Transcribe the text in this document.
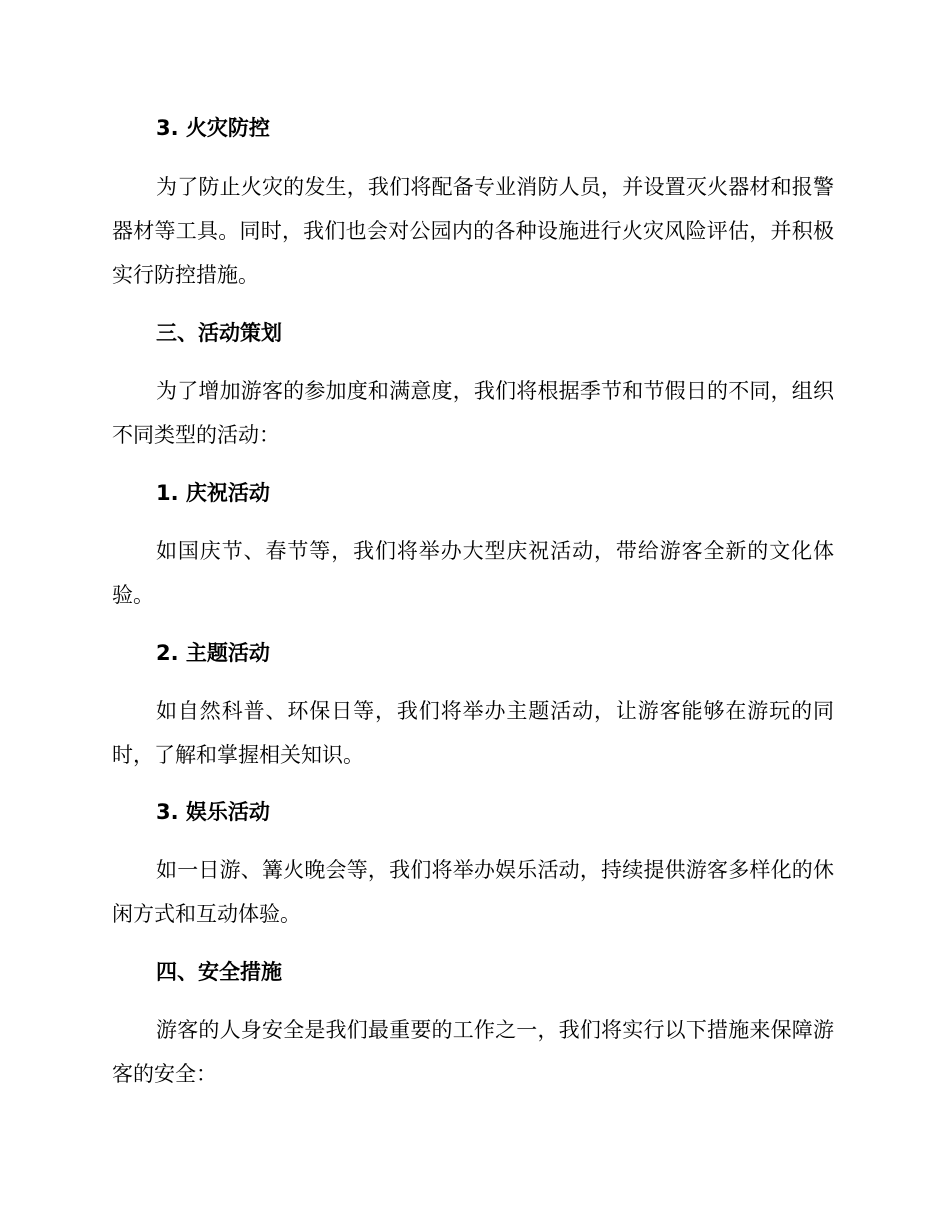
3. 火灾防控

为了防止火灾的发生，我们将配备专业消防人员，并设置灭火器材和报警器材等工具。同时，我们也会对公园内的各种设施进行火灾风险评估，并积极实行防控措施。

三、活动策划

为了增加游客的参加度和满意度，我们将根据季节和节假日的不同，组织不同类型的活动：

1. 庆祝活动

如国庆节、春节等，我们将举办大型庆祝活动，带给游客全新的文化体验。

2. 主题活动

如自然科普、环保日等，我们将举办主题活动，让游客能够在游玩的同时，了解和掌握相关知识。

3. 娱乐活动

如一日游、篝火晚会等，我们将举办娱乐活动，持续提供游客多样化的休闲方式和互动体验。

四、安全措施

游客的人身安全是我们最重要的工作之一，我们将实行以下措施来保障游客的安全：
